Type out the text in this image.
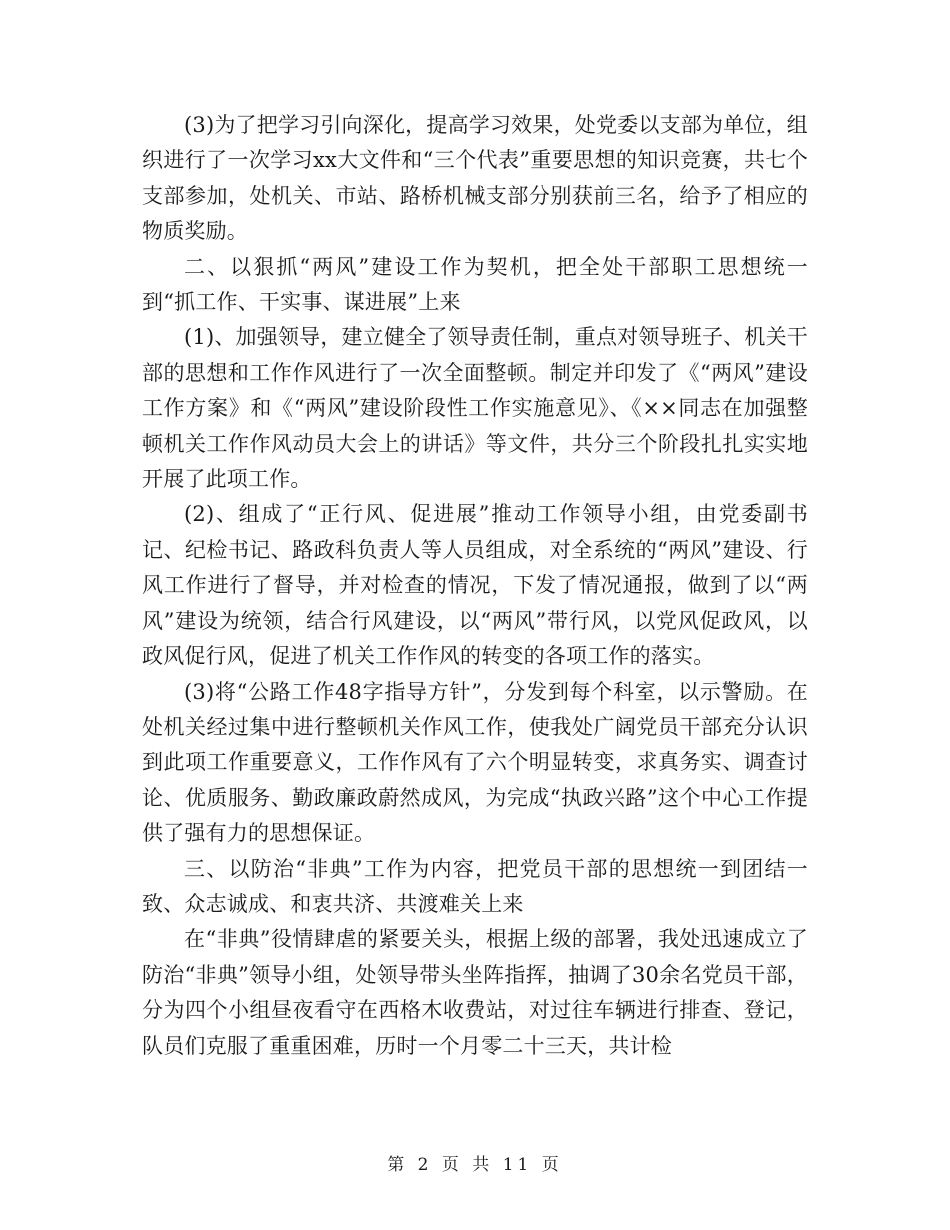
(3)为了把学习引向深化，提高学习效果，处党委以支部为单位，组织进行了一次学习xx大文件和“三个代表”重要思想的知识竞赛，共七个支部参加，处机关、市站、路桥机械支部分别获前三名，给予了相应的物质奖励。

二、以狠抓“两风”建设工作为契机，把全处干部职工思想统一到“抓工作、干实事、谋进展”上来

(1)、加强领导，建立健全了领导责任制，重点对领导班子、机关干部的思想和工作作风进行了一次全面整顿。制定并印发了《“两风”建设工作方案》和《“两风”建设阶段性工作实施意见》、《××同志在加强整顿机关工作作风动员大会上的讲话》等文件，共分三个阶段扎扎实实地开展了此项工作。

(2)、组成了“正行风、促进展”推动工作领导小组，由党委副书记、纪检书记、路政科负责人等人员组成，对全系统的“两风”建设、行风工作进行了督导，并对检查的情况，下发了情况通报，做到了以“两风”建设为统领，结合行风建设，以“两风”带行风，以党风促政风，以政风促行风，促进了机关工作作风的转变的各项工作的落实。

(3)将“公路工作48字指导方针”，分发到每个科室，以示警励。在处机关经过集中进行整顿机关作风工作，使我处广阔党员干部充分认识到此项工作重要意义，工作作风有了六个明显转变，求真务实、调查讨论、优质服务、勤政廉政蔚然成风，为完成“执政兴路”这个中心工作提供了强有力的思想保证。

三、以防治“非典”工作为内容，把党员干部的思想统一到团结一致、众志诚成、和衷共济、共渡难关上来

在“非典”役情肆虐的紧要关头，根据上级的部署，我处迅速成立了防治“非典”领导小组，处领导带头坐阵指挥，抽调了30余名党员干部，分为四个小组昼夜看守在西格木收费站，对过往车辆进行排查、登记，队员们克服了重重困难，历时一个月零二十三天，共计检

第 2 页 共 11 页
